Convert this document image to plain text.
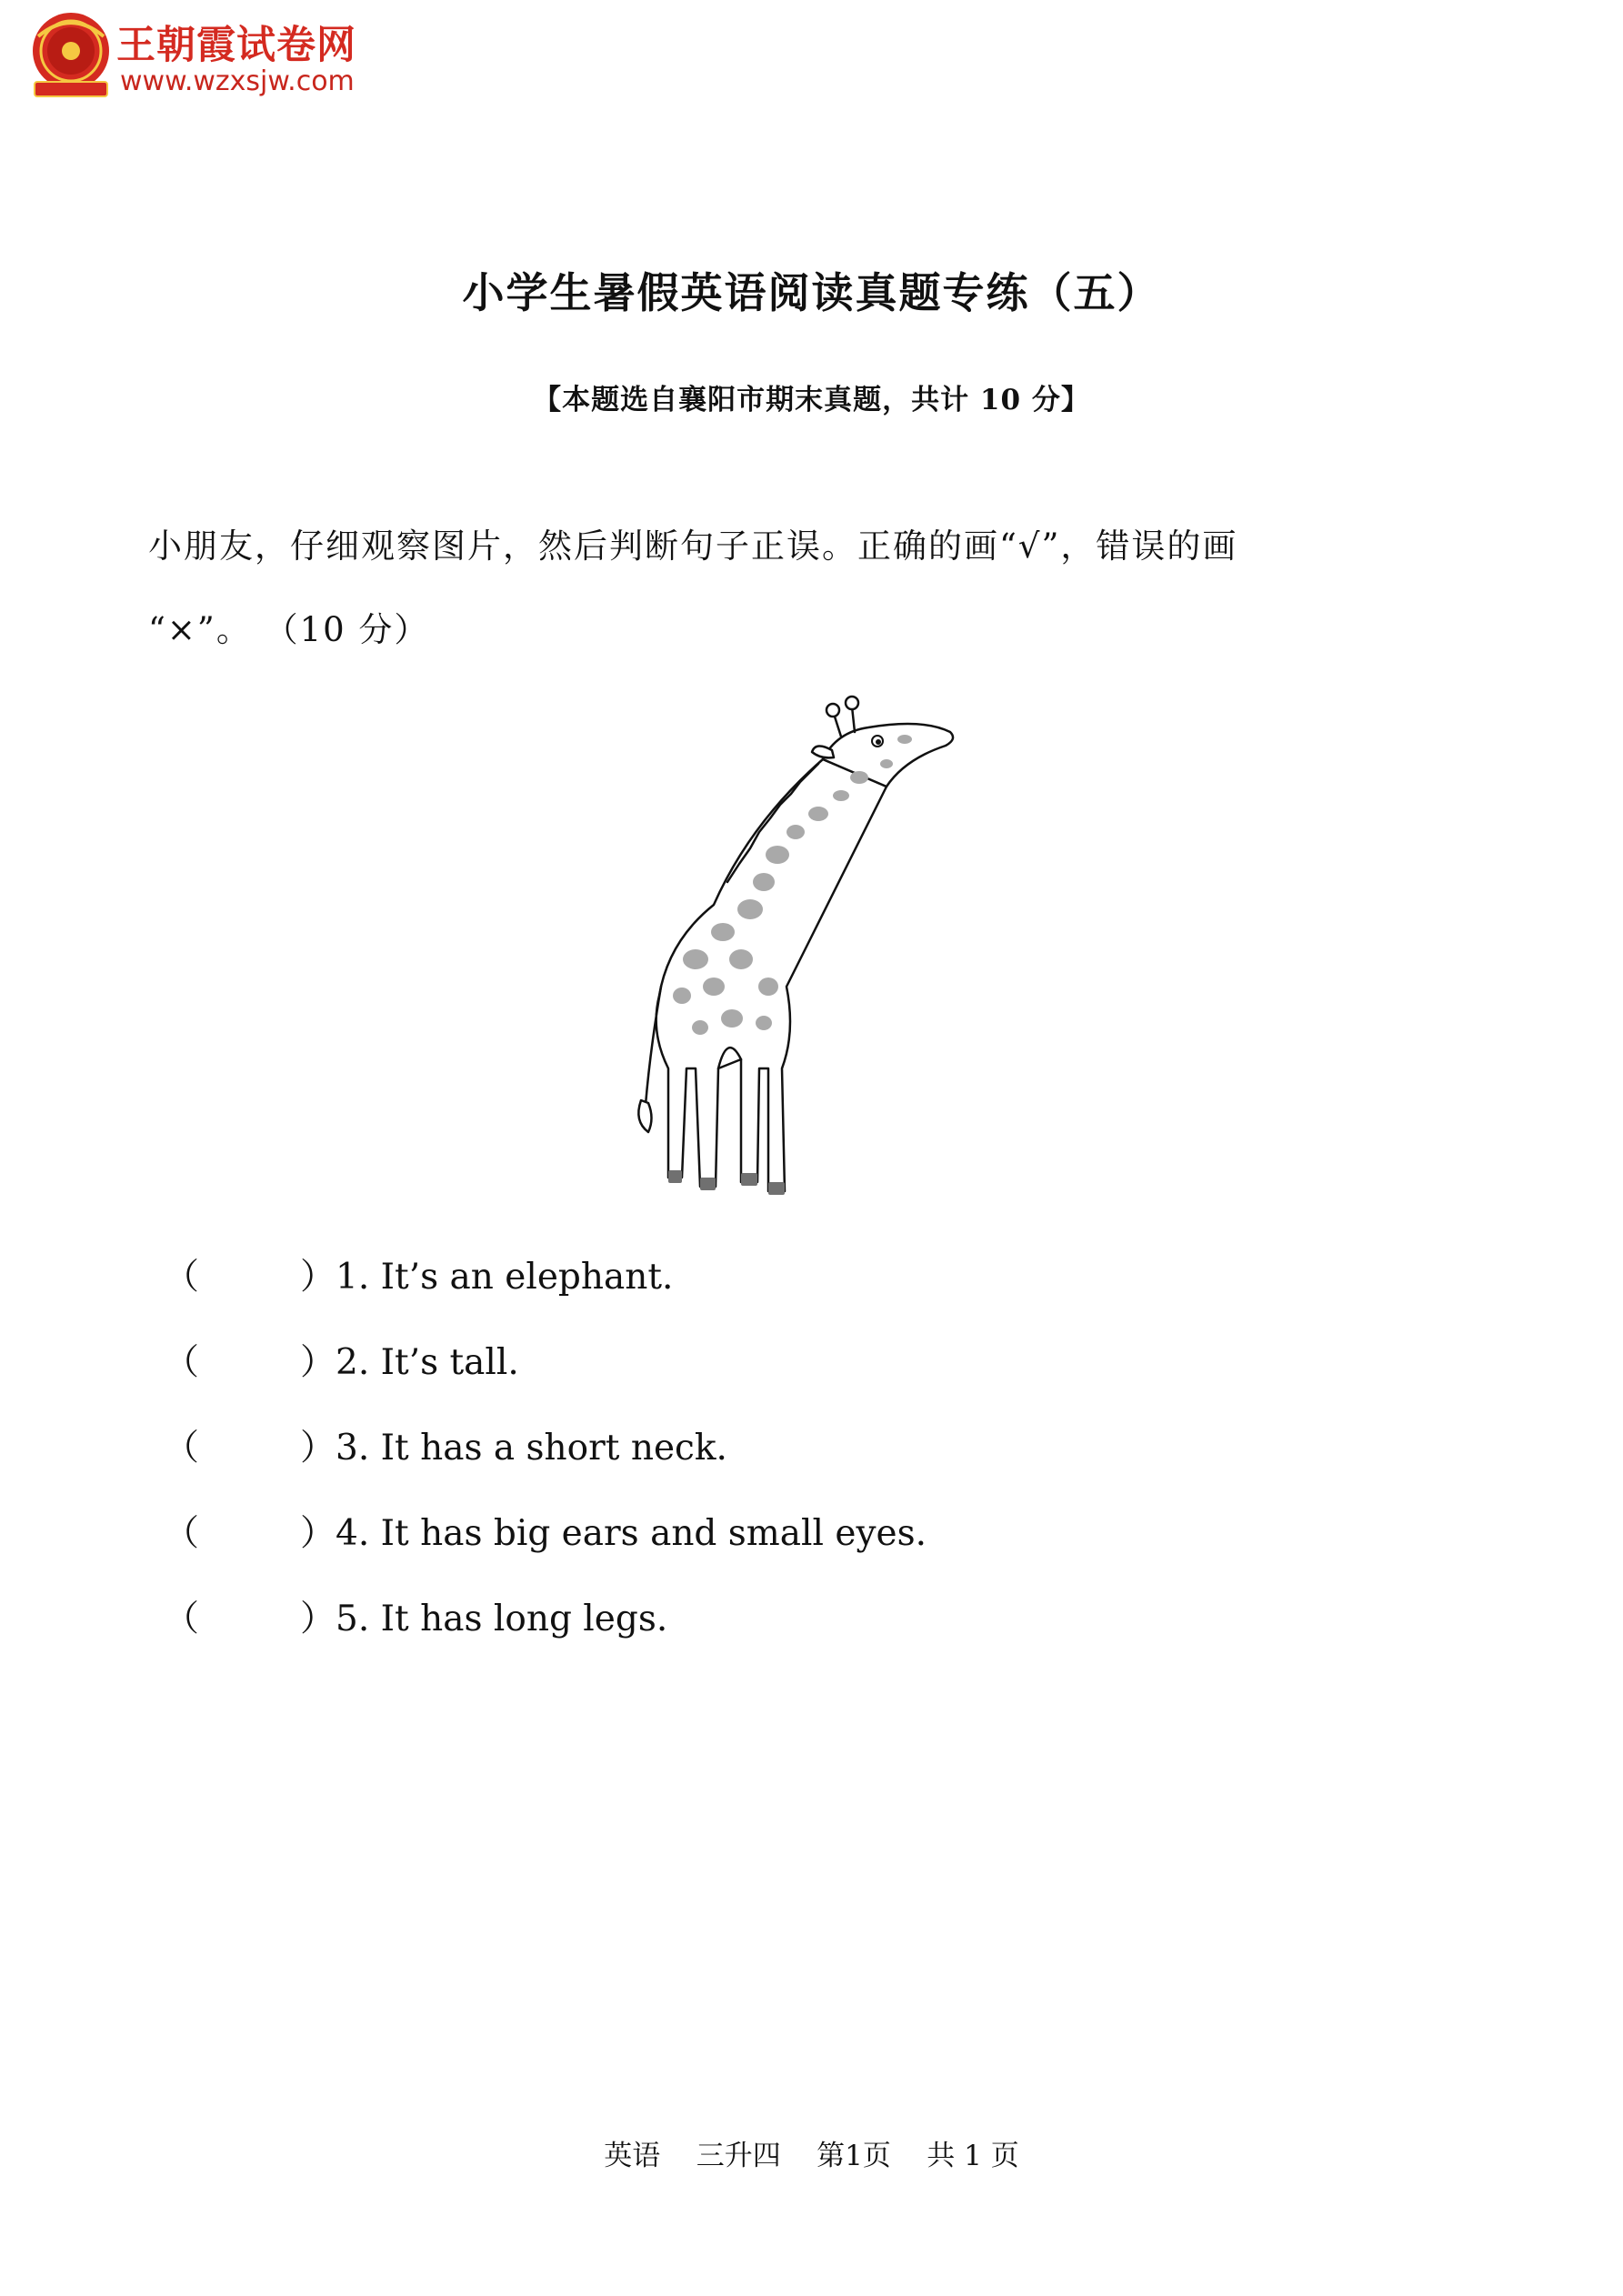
王朝霞试卷网
www.wzxsjw.com
小学生暑假英语阅读真题专练（五）
【本题选自襄阳市期末真题，共计 10 分】
小朋友，仔细观察图片，然后判断句子正误。正确的画“√”，错误的画
“×”。 （10 分）
（	）1. It’s an elephant.
（	）2. It’s tall.
（	）3. It has a short neck.
（	）4. It has big ears and small eyes.
（	）5. It has long legs.
英语    三升四    第1页    共 1 页
